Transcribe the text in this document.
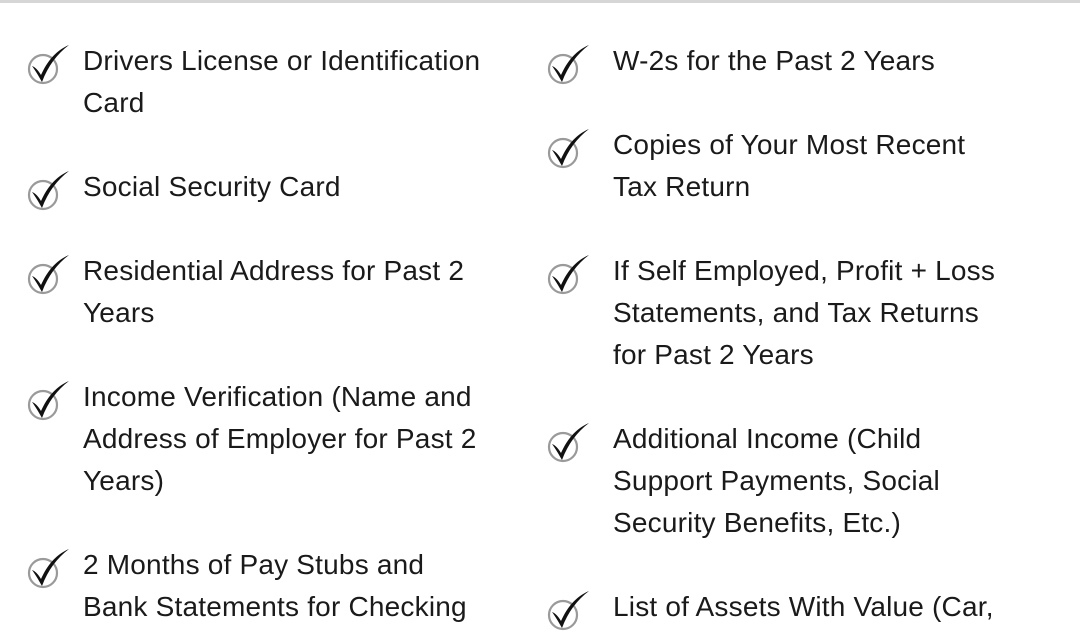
Drivers License or Identification
Card
Social Security Card
Residential Address for Past 2
Years
Income Verification (Name and
Address of Employer for Past 2
Years)
2 Months of Pay Stubs and
Bank Statements for Checking
W-2s for the Past 2 Years
Copies of Your Most Recent
Tax Return
If Self Employed, Profit + Loss
Statements, and Tax Returns
for Past 2 Years
Additional Income (Child
Support Payments, Social
Security Benefits, Etc.)
List of Assets With Value (Car,
